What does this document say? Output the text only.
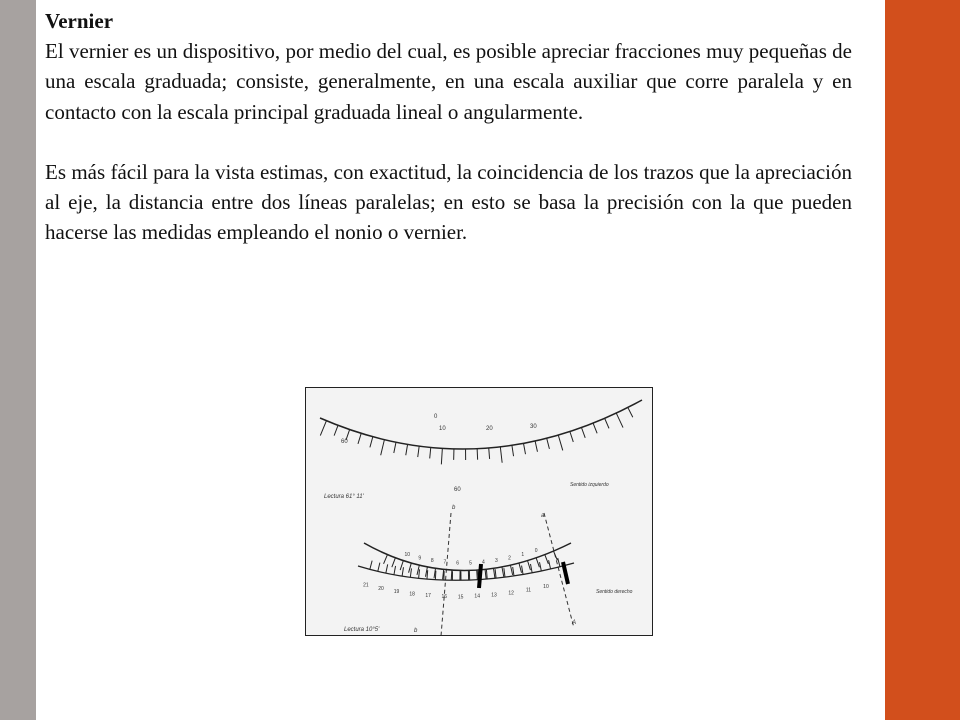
Vernier

El vernier es un dispositivo, por medio del cual, es posible apreciar fracciones muy pequeñas de una escala graduada; consiste, generalmente, en una escala auxiliar que corre paralela y en contacto con la escala principal graduada lineal o angularmente.

Es más fácil para la vista estimas, con exactitud, la coincidencia de los trazos que la apreciación al eje, la distancia entre dos líneas paralelas; en esto se basa la precisión con la que pueden hacerse las medidas empleando el nonio o vernier.

60
0
10	20	30
60
Sentido izquierdo
Lectura 61° 11'
b
a
10
9 8 7 6 5 4 3 2
1
0
21
20
19 18 17 16 15 14 13 12 11
10
Sentido derecho
Lectura 10°5'	b
A
